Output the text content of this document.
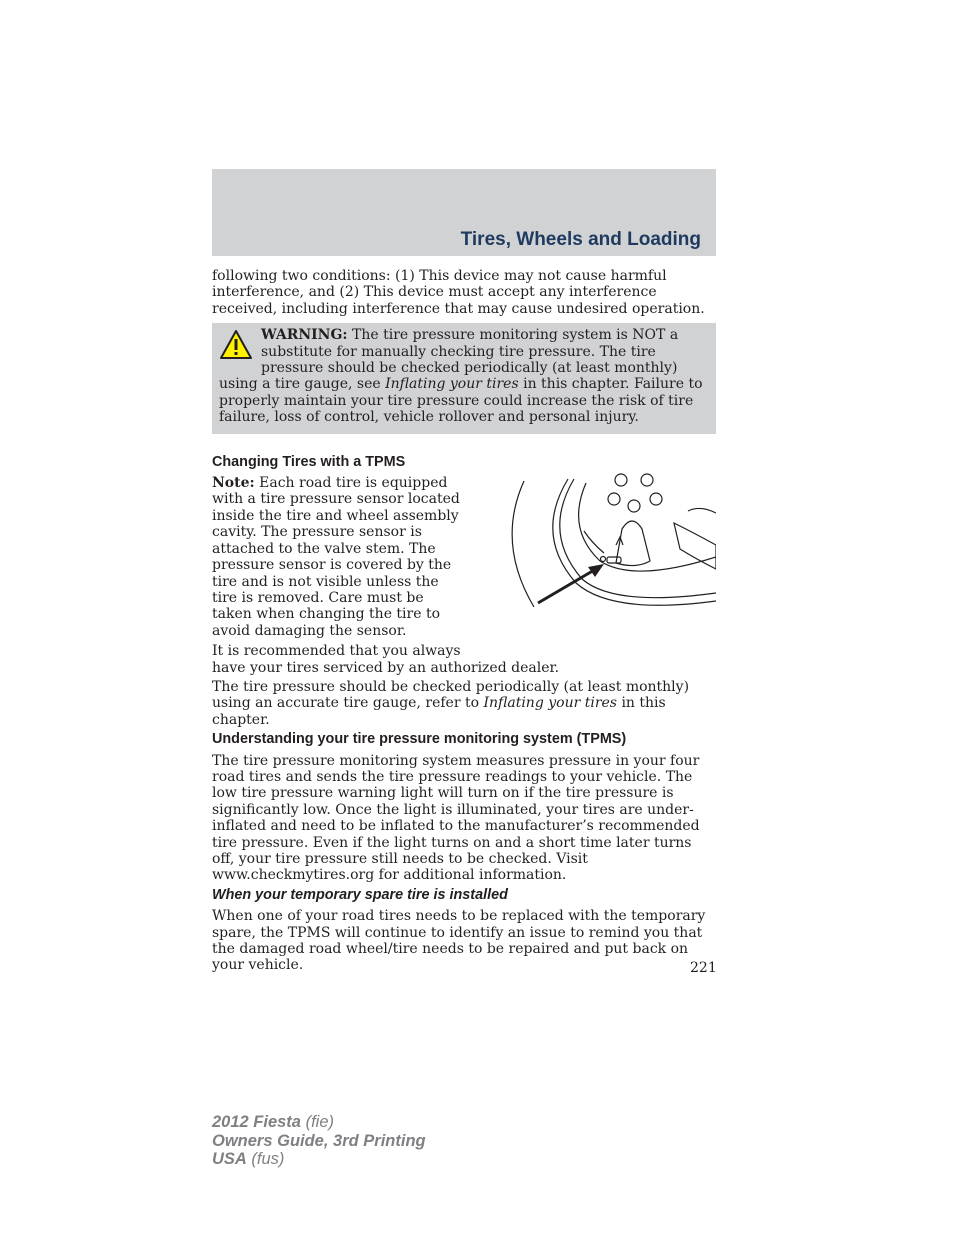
Tires, Wheels and Loading

following two conditions: (1) This device may not cause harmful interference, and (2) This device must accept any interference received, including interference that may cause undesired operation.

WARNING: The tire pressure monitoring system is NOT a substitute for manually checking tire pressure. The tire pressure should be checked periodically (at least monthly) using a tire gauge, see Inflating your tires in this chapter. Failure to properly maintain your tire pressure could increase the risk of tire failure, loss of control, vehicle rollover and personal injury.
Changing Tires with a TPMS

Note: Each road tire is equipped with a tire pressure sensor located inside the tire and wheel assembly cavity. The pressure sensor is attached to the valve stem. The pressure sensor is covered by the tire and is not visible unless the tire is removed. Care must be taken when changing the tire to avoid damaging the sensor.

It is recommended that you always
have your tires serviced by an authorized dealer.

The tire pressure should be checked periodically (at least monthly) using an accurate tire gauge, refer to Inflating your tires in this chapter.

Understanding your tire pressure monitoring system (TPMS)

The tire pressure monitoring system measures pressure in your four road tires and sends the tire pressure readings to your vehicle. The low tire pressure warning light will turn on if the tire pressure is significantly low. Once the light is illuminated, your tires are under-inflated and need to be inflated to the manufacturer’s recommended tire pressure. Even if the light turns on and a short time later turns off, your tire pressure still needs to be checked. Visit www.checkmytires.org for additional information.

When your temporary spare tire is installed

When one of your road tires needs to be replaced with the temporary spare, the TPMS will continue to identify an issue to remind you that the damaged road wheel/tire needs to be repaired and put back on your vehicle.	221
2012 Fiesta (fie)
Owners Guide, 3rd Printing
USA (fus)
